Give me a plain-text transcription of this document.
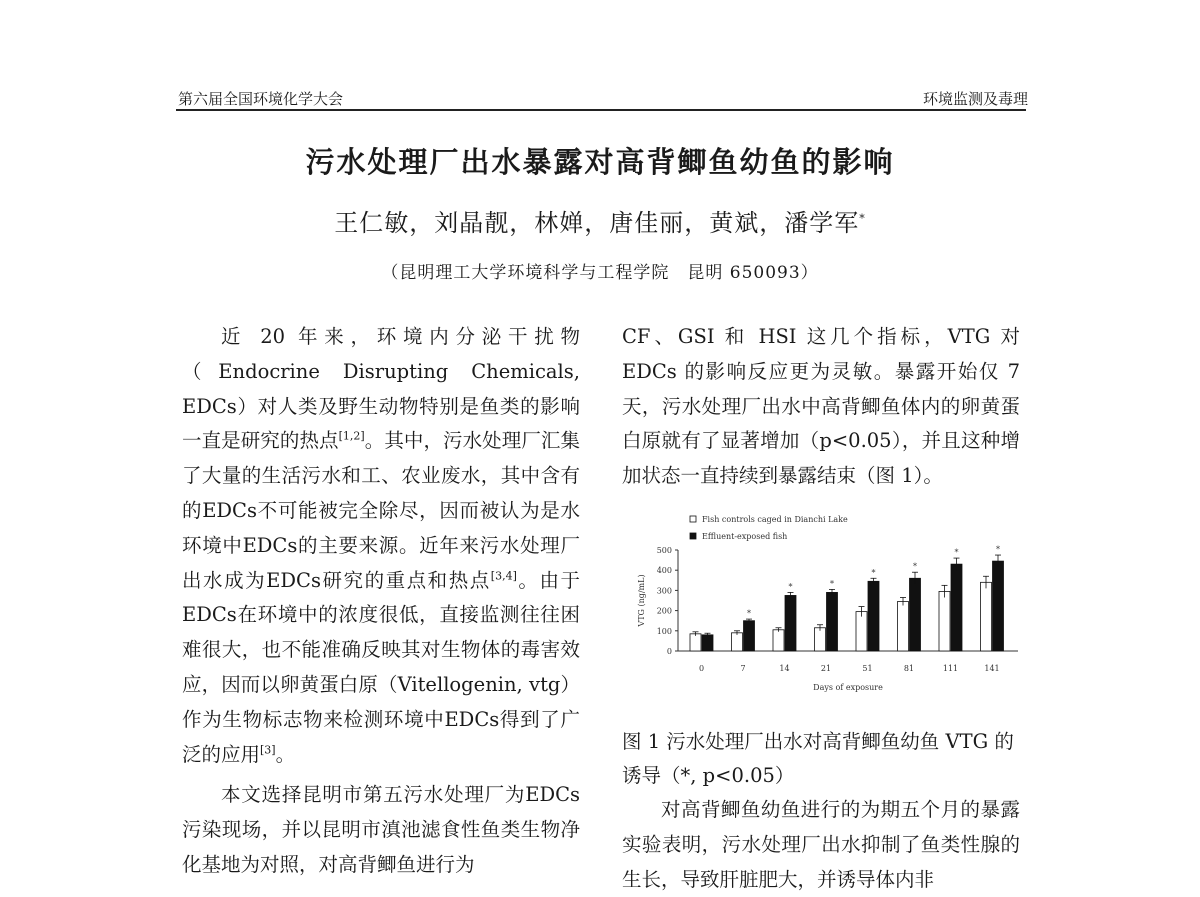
第六届全国环境化学大会	环境监测及毒理
污水处理厂出水暴露对高背鲫鱼幼鱼的影响
王仁敏，刘晶靓，林婵，唐佳丽，黄斌，潘学军*
（昆明理工大学环境科学与工程学院　昆明 650093）

近 20 年来，环境内分泌干扰物（Endocrine Disrupting Chemicals, EDCs）对人类及野生动物特别是鱼类的影响一直是研究的热点[1,2]。其中，污水处理厂汇集了大量的生活污水和工、农业废水，其中含有的EDCs不可能被完全除尽，因而被认为是水环境中EDCs的主要来源。近年来污水处理厂出水成为EDCs研究的重点和热点[3,4]。由于EDCs在环境中的浓度很低，直接监测往往困难很大，也不能准确反映其对生物体的毒害效应，因而以卵黄蛋白原（Vitellogenin, vtg）作为生物标志物来检测环境中EDCs得到了广泛的应用[3]。

本文选择昆明市第五污水处理厂为EDCs 污染现场，并以昆明市滇池滤食性鱼类生物净化基地为对照，对高背鲫鱼进行为

CF、GSI 和 HSI 这几个指标，VTG 对 EDCs 的影响反应更为灵敏。暴露开始仅 7 天，污水处理厂出水中高背鲫鱼体内的卵黄蛋白原就有了显著增加（p<0.05），并且这种增加状态一直持续到暴露结束（图 1）。

0
100
200
300
400
500
VTG (ng/mL)
0
*
7
*
14
*
21
*
51
*
81
*
111
*
141
Days of exposure
Fish controls caged in Dianchi Lake
Effluent-exposed fish
图 1 污水处理厂出水对高背鲫鱼幼鱼 VTG 的诱导（*, p<0.05）
对高背鲫鱼幼鱼进行的为期五个月的暴露实验表明，污水处理厂出水抑制了鱼类性腺的生长，导致肝脏肥大，并诱导体内非
